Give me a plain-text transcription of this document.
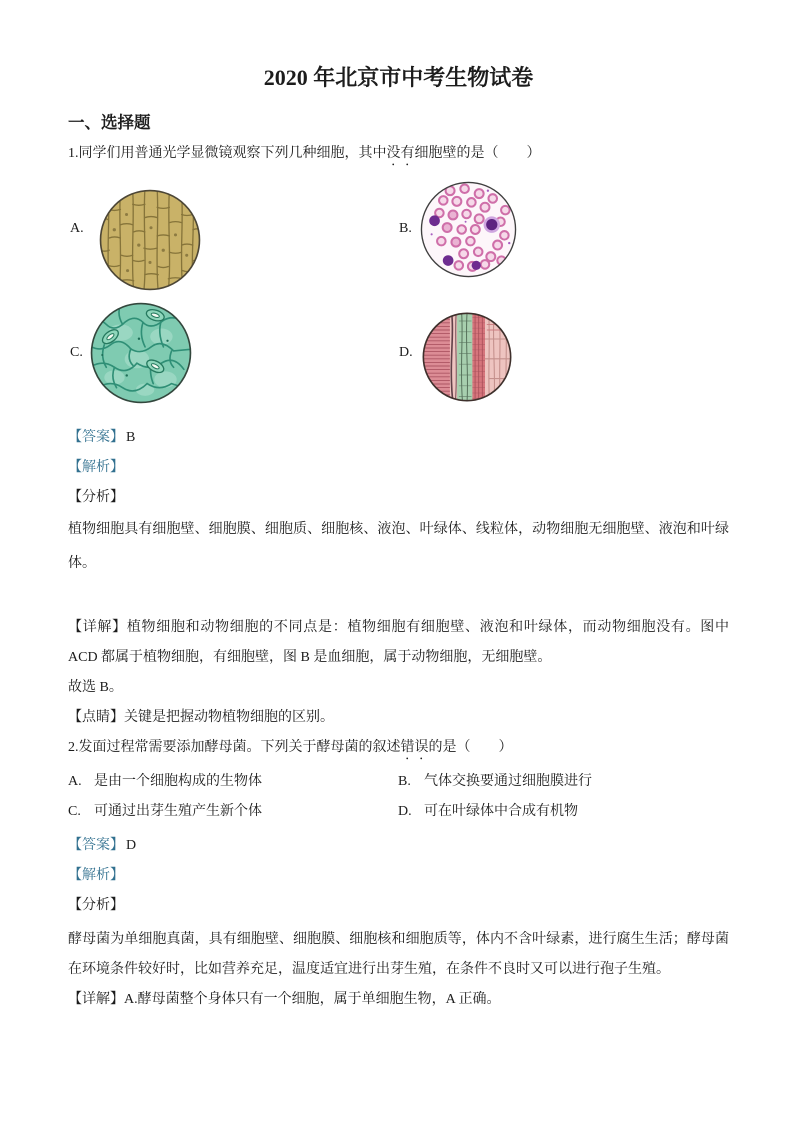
2020 年北京市中考生物试卷
一、选择题

1.同学们用普通光学显微镜观察下列几种细胞，其中没有细胞壁的是（　　）

A.	B.
C.	D.

【答案】 B

【解析】

【分析】

植物细胞具有细胞壁、细胞膜、细胞质、细胞核、液泡、叶绿体、线粒体，动物细胞无细胞壁、液泡和叶绿体。

【详解】植物细胞和动物细胞的不同点是：植物细胞有细胞壁、液泡和叶绿体，而动物细胞没有。图中 ACD 都属于植物细胞，有细胞壁，图 B 是血细胞，属于动物细胞，无细胞壁。

故选 B。

【点睛】关键是把握动物植物细胞的区别。

2.发面过程常需要添加酵母菌。下列关于酵母菌的叙述错误的是（　　）

A. 是由一个细胞构成的生物体	B. 气体交换要通过细胞膜进行

C. 可通过出芽生殖产生新个体	D. 可在叶绿体中合成有机物

【答案】 D

【解析】

【分析】

酵母菌为单细胞真菌，具有细胞壁、细胞膜、细胞核和细胞质等，体内不含叶绿素，进行腐生生活；酵母菌在环境条件较好时，比如营养充足，温度适宜进行出芽生殖，在条件不良时又可以进行孢子生殖。

【详解】A.酵母菌整个身体只有一个细胞，属于单细胞生物，A 正确。
